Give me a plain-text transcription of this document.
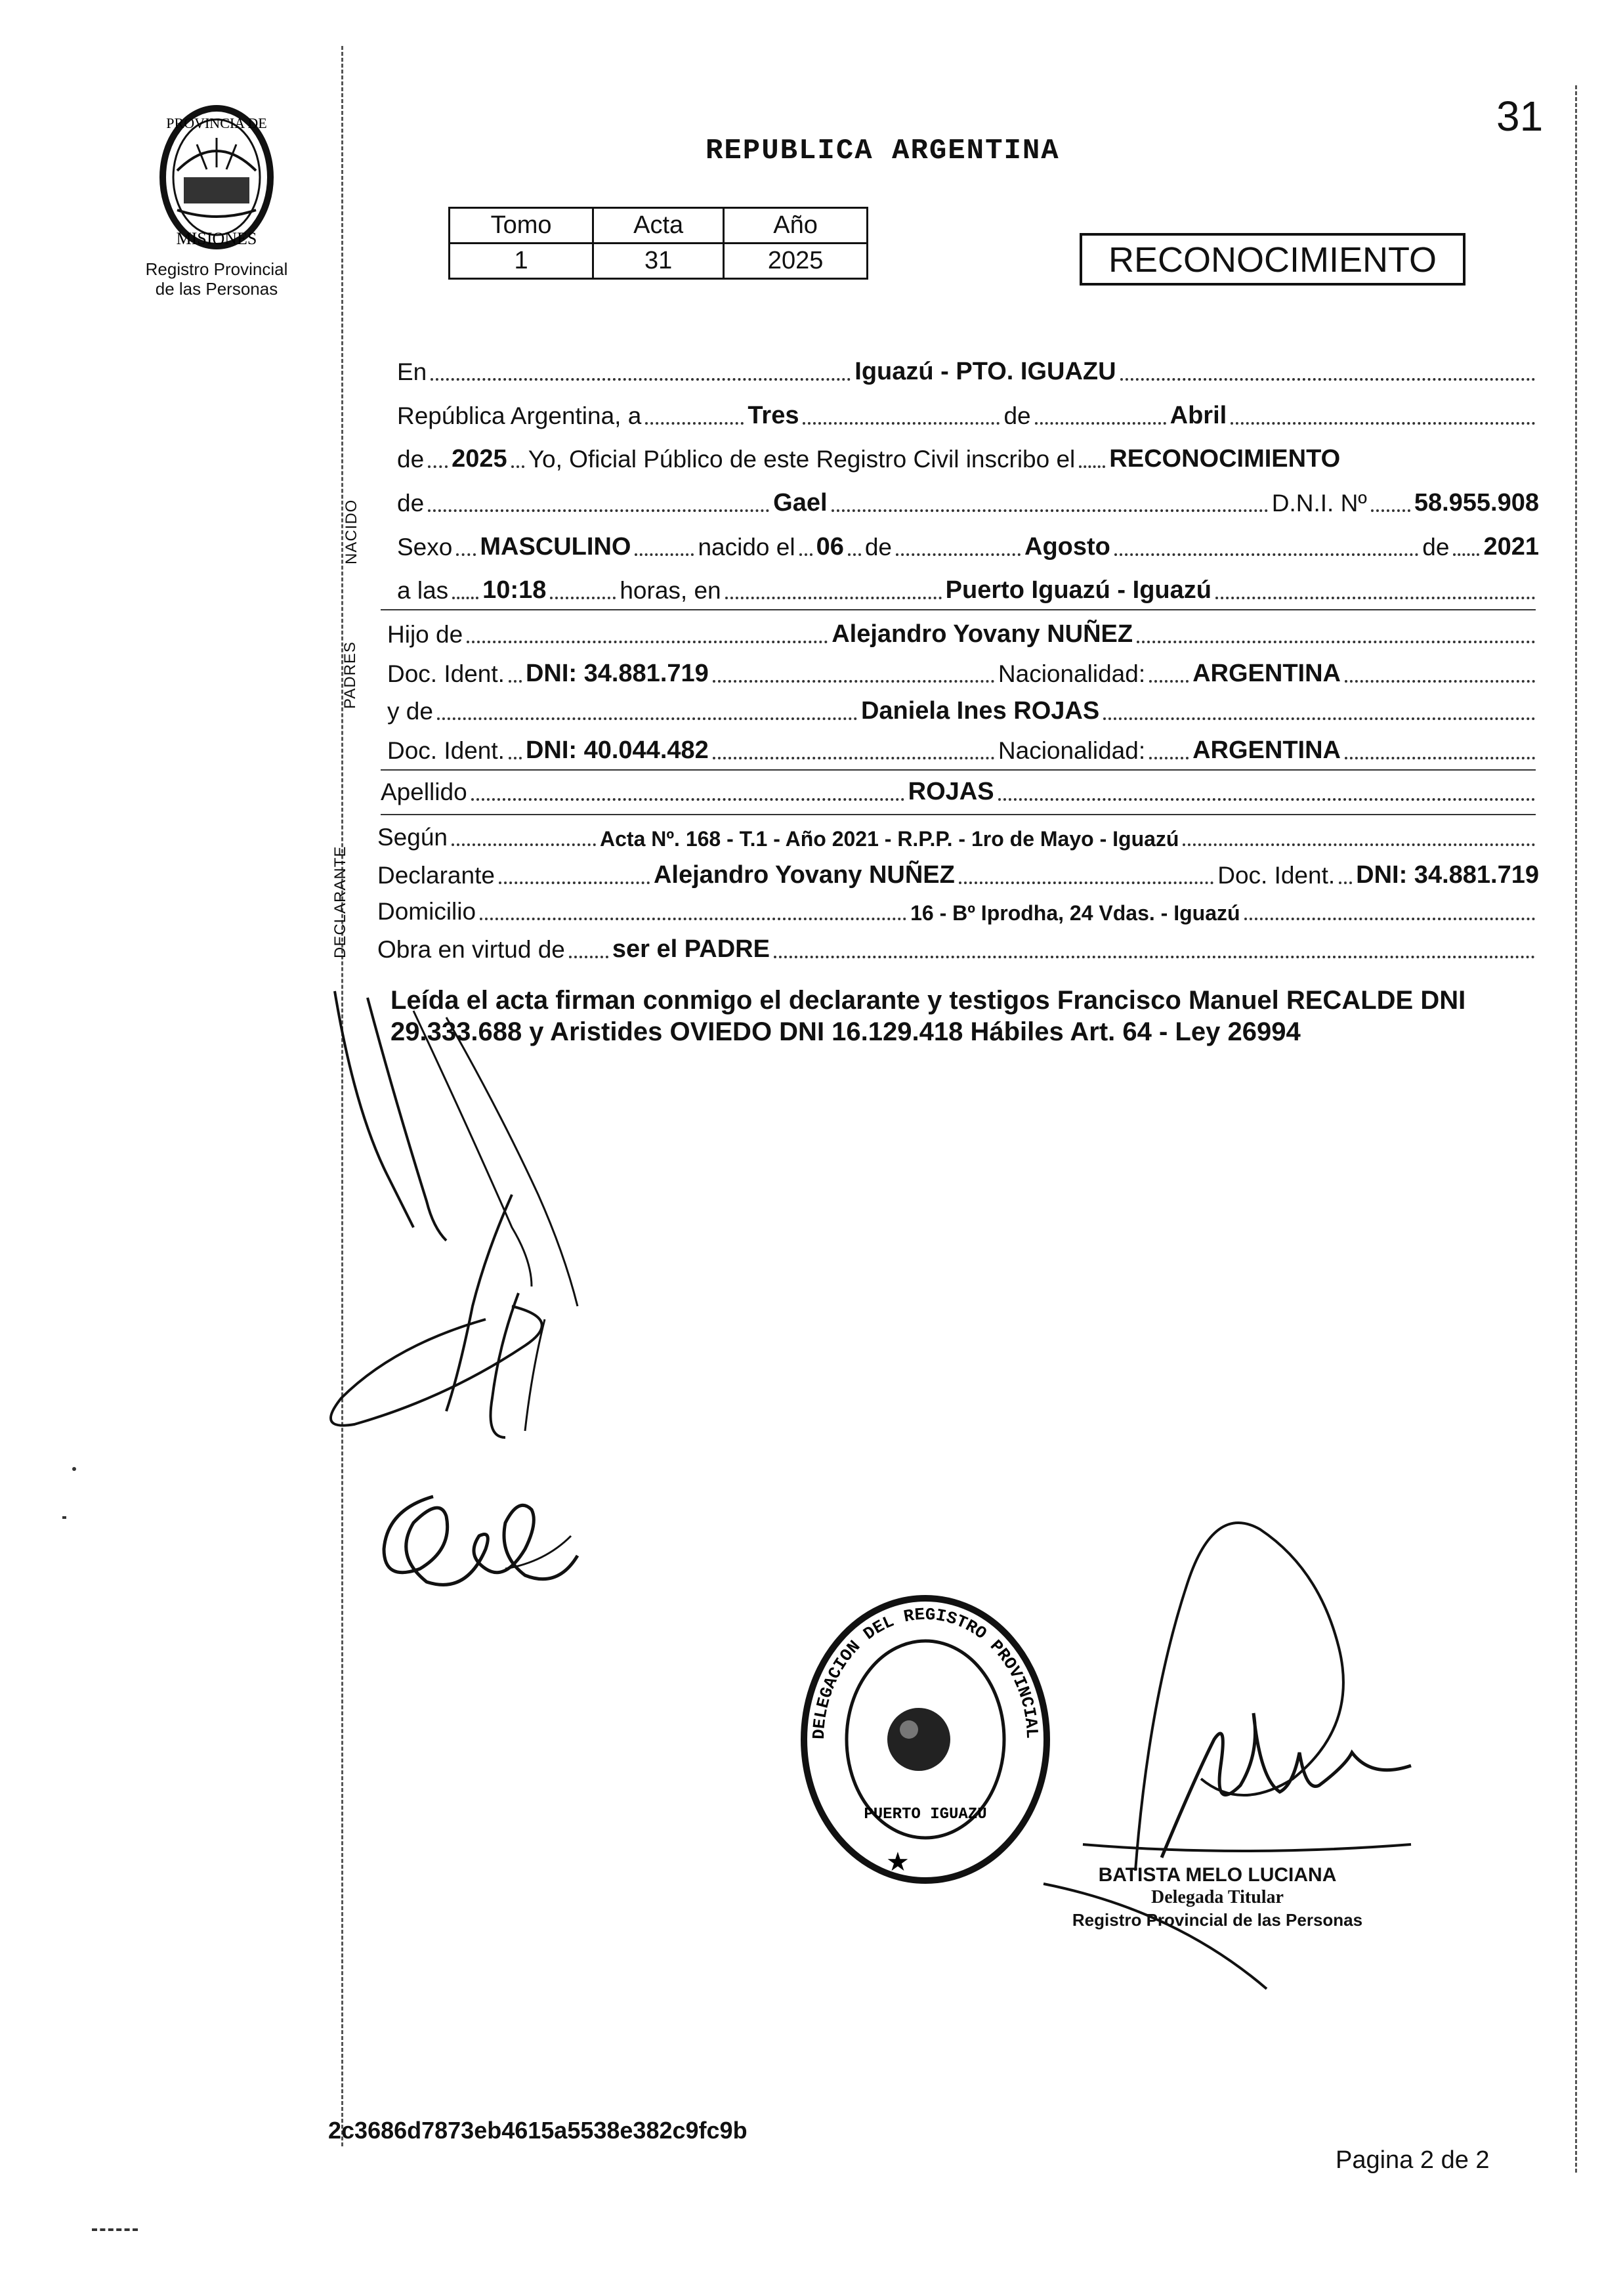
PROVINCIA DE
MISIONES
Registro Provincial
de las Personas
31
REPUBLICA ARGENTINA
Tomo	Acta	Año
1	31	2025	RECONOCIMIENTO
NACIDO
PADRES
DECLARANTE
En	Iguazú - PTO. IGUAZU
República Argentina, a	Tres	de	Abril
de 2025 Yo, Oficial Público de este Registro Civil inscribo el RECONOCIMIENTO
de	Gael	D.N.I. Nº 58.955.908
Sexo MASCULINO	nacido el 06 de	Agosto	de 2021
a las 10:18	horas, en	Puerto Iguazú - Iguazú
Hijo de	Alejandro Yovany NUÑEZ
Doc. Ident. DNI: 34.881.719	Nacionalidad: ARGENTINA
y de	Daniela Ines ROJAS
Doc. Ident. DNI: 40.044.482	Nacionalidad: ARGENTINA
Apellido	ROJAS
Según	Acta Nº. 168 - T.1 - Año 2021 - R.P.P. - 1ro de Mayo - Iguazú
Declarante	Alejandro Yovany NUÑEZ	Doc. Ident. DNI: 34.881.719
Domicilio	16 - Bº Iprodha, 24 Vdas. - Iguazú
Obra en virtud de ser el PADRE
Leída el acta firman conmigo el declarante y testigos Francisco Manuel RECALDE DNI 29.333.688 y Aristides OVIEDO DNI 16.129.418 Hábiles Art. 64 - Ley 26994
DELEGACION DEL REGISTRO PROVINCIAL DE LAS PERSONAS
PUERTO IGUAZU
★	BATISTA MELO LUCIANA
Delegada Titular
Registro Provincial de las Personas
2c3686d7873eb4615a5538e382c9fc9b
Pagina 2 de 2
